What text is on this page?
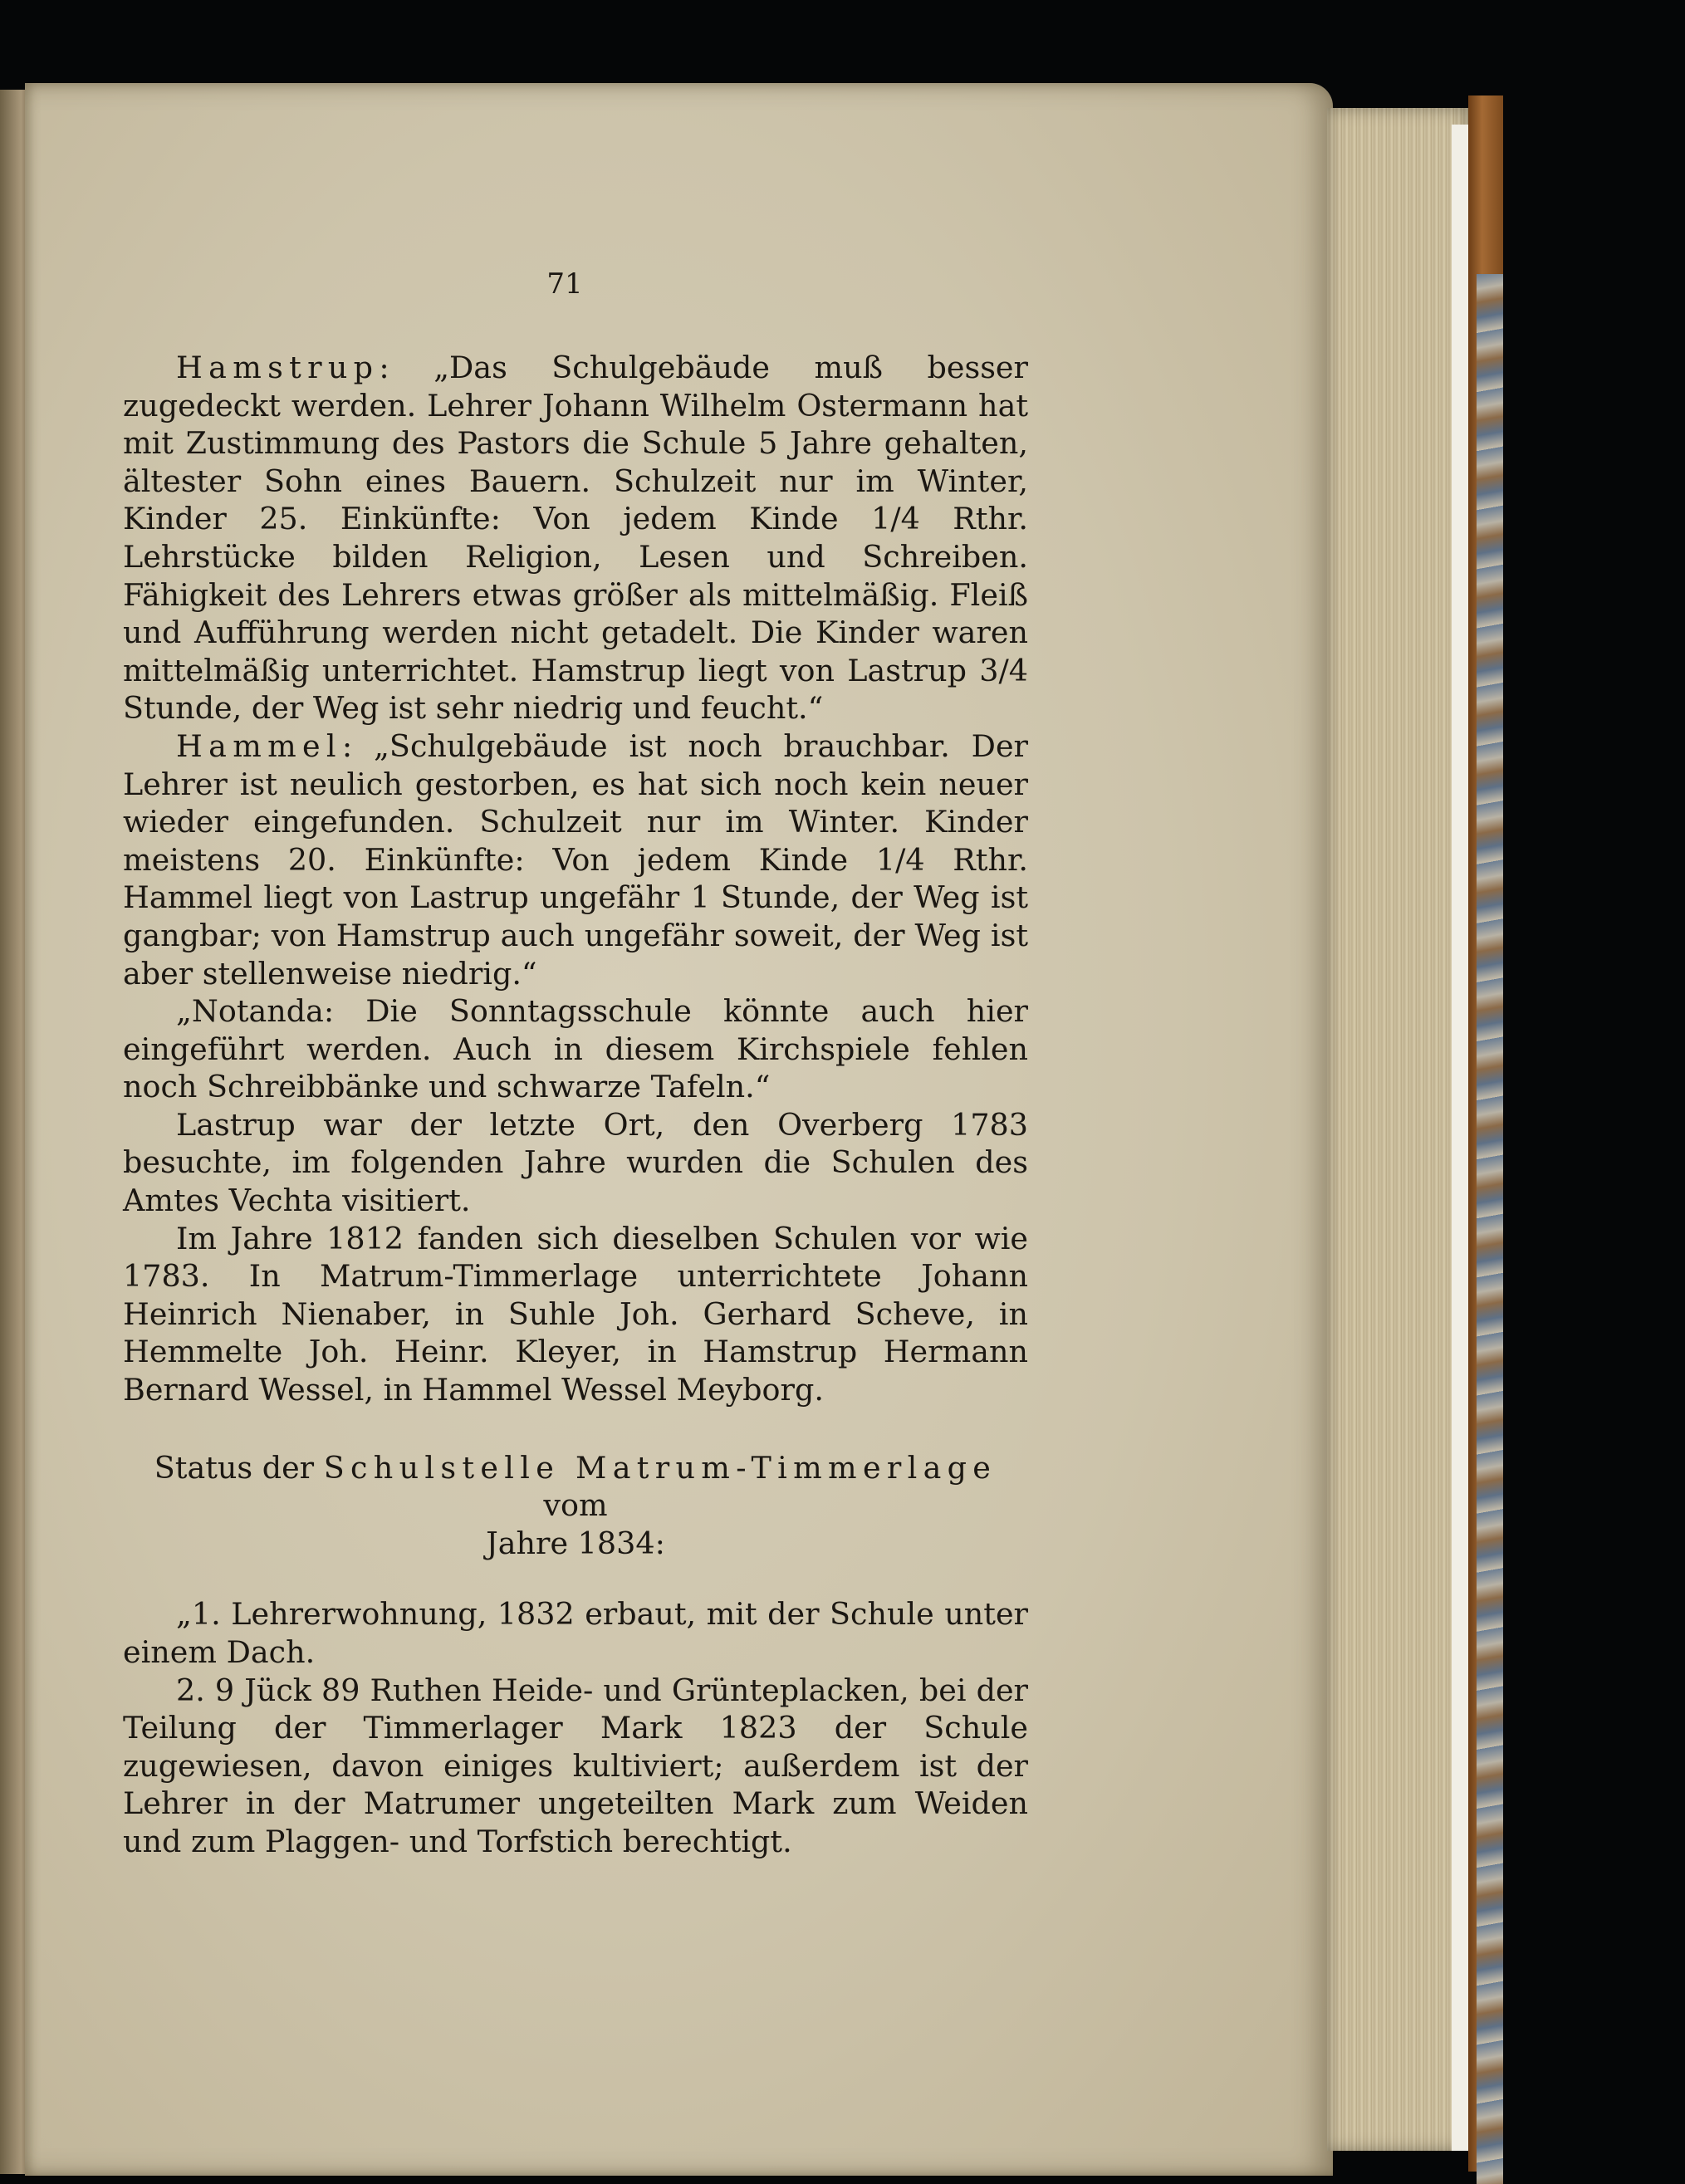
71

Hamstrup: „Das Schulgebäude muß besser zugedeckt werden. Lehrer Johann Wilhelm Ostermann hat mit Zustimmung des Pastors die Schule 5 Jahre gehalten, ältester Sohn eines Bauern. Schulzeit nur im Winter, Kinder 25. Einkünfte: Von jedem Kinde 1/4 Rthr. Lehrstücke bilden Religion, Lesen und Schreiben. Fähigkeit des Lehrers etwas größer als mittelmäßig. Fleiß und Aufführung werden nicht getadelt. Die Kinder waren mittelmäßig unterrichtet. Hamstrup liegt von Lastrup 3/4 Stunde, der Weg ist sehr niedrig und feucht.“

Hammel: „Schulgebäude ist noch brauchbar. Der Lehrer ist neulich gestorben, es hat sich noch kein neuer wieder eingefunden. Schulzeit nur im Winter. Kinder meistens 20. Einkünfte: Von jedem Kinde 1/4 Rthr. Hammel liegt von Lastrup ungefähr 1 Stunde, der Weg ist gangbar; von Hamstrup auch ungefähr soweit, der Weg ist aber stellenweise niedrig.“

„Notanda: Die Sonntagsschule könnte auch hier eingeführt werden. Auch in diesem Kirchspiele fehlen noch Schreibbänke und schwarze Tafeln.“

Lastrup war der letzte Ort, den Overberg 1783 besuchte, im folgenden Jahre wurden die Schulen des Amtes Vechta visitiert.

Im Jahre 1812 fanden sich dieselben Schulen vor wie 1783. In Matrum-Timmerlage unterrichtete Johann Heinrich Nienaber, in Suhle Joh. Gerhard Scheve, in Hemmelte Joh. Heinr. Kleyer, in Hamstrup Hermann Bernard Wessel, in Hammel Wessel Meyborg.

Status der Schulstelle Matrum-Timmerlage vom

Jahre 1834:

„1. Lehrerwohnung, 1832 erbaut, mit der Schule unter einem Dach.

2. 9 Jück 89 Ruthen Heide- und Grünteplacken, bei der Teilung der Timmerlager Mark 1823 der Schule zugewiesen, davon einiges kultiviert; außerdem ist der Lehrer in der Matrumer ungeteilten Mark zum Weiden und zum Plaggen- und Torfstich berechtigt.
